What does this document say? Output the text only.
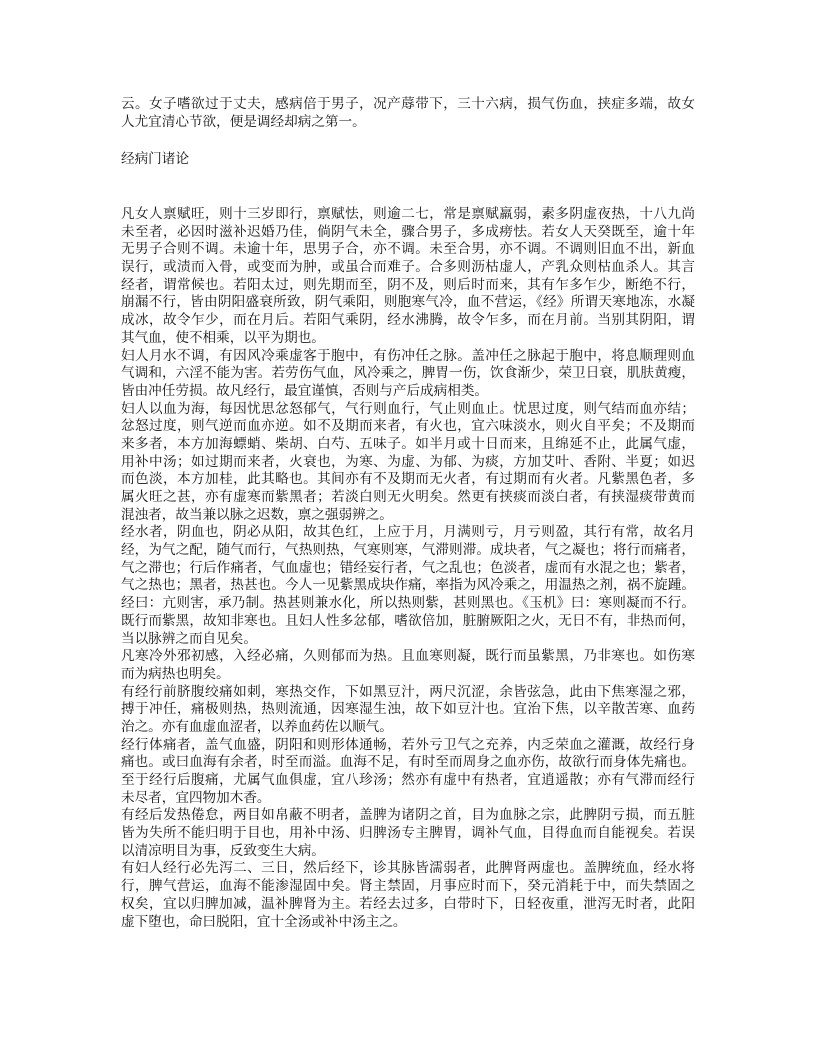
云。女子嗜欲过于丈夫，感病倍于男子，况产蓐带下，三十六病，损气伤血，挟症多端，故女
人尤宜清心节欲，便是调经却病之第一。
经病门诸论
凡女人禀赋旺，则十三岁即行，禀赋怯，则逾二七，常是禀赋羸弱，素多阴虚夜热，十八九尚
未至者，必因时滋补迟婚乃佳，倘阴气未全，骤合男子，多成痨怯。若女人天癸既至，逾十年
无男子合则不调。未逾十年，思男子合，亦不调。未至合男，亦不调。不调则旧血不出，新血
误行，或渍而入骨，或变而为肿，或虽合而难子。合多则沥枯虚人，产乳众则枯血杀人。其言
经者，谓常候也。若阳太过，则先期而至，阴不及，则后时而来，其有乍多乍少，断绝不行，
崩漏不行，皆由阴阳盛衰所致，阴气乘阳，则胞寒气冷，血不营运，《经》所谓天寒地冻，水凝
成冰，故令乍少，而在月后。若阳气乘阴，经水沸腾，故令乍多，而在月前。当别其阴阳，谓
其气血，使不相乘，以平为期也。
妇人月水不调，有因风冷乘虚客于胞中，有伤冲任之脉。盖冲任之脉起于胞中，将息顺理则血
气调和，六淫不能为害。若劳伤气血，风冷乘之，脾胃一伤，饮食渐少，荣卫日衰，肌肤黄瘦，
皆由冲任劳损。故凡经行，最宜谨慎，否则与产后成病相类。
妇人以血为海，每因忧思忿怒郁气，气行则血行，气止则血止。忧思过度，则气结而血亦结；
忿怒过度，则气逆而血亦逆。如不及期而来者，有火也，宜六味淡水，则火自平矣；不及期而
来多者，本方加海螵蛸、柴胡、白芍、五味子。如半月或十日而来，且绵延不止，此属气虚，
用补中汤；如过期而来者，火衰也，为寒、为虚、为郁、为痰，方加艾叶、香附、半夏；如迟
而色淡，本方加桂，此其略也。其间亦有不及期而无火者，有过期而有火者。凡紫黑色者，多
属火旺之甚，亦有虚寒而紫黑者；若淡白则无火明矣。然更有挟痰而淡白者，有挟湿痰带黄而
混浊者，故当兼以脉之迟数，禀之强弱辨之。
经水者，阴血也，阴必从阳，故其色红，上应于月，月满则亏，月亏则盈，其行有常，故名月
经，为气之配，随气而行，气热则热，气寒则寒，气滞则滞。成块者，气之凝也；将行而痛者，
气之滞也；行后作痛者，气血虚也；错经妄行者，气之乱也；色淡者，虚而有水混之也；紫者，
气之热也；黑者，热甚也。今人一见紫黑成块作痛，率指为风冷乘之，用温热之剂，祸不旋踵。
经曰：亢则害，承乃制。热甚则兼水化，所以热则紫，甚则黑也。《玉机》曰：寒则凝而不行。
既行而紫黑，故知非寒也。且妇人性多忿郁，嗜欲倍加，脏腑厥阳之火，无日不有，非热而何，
当以脉辨之而自见矣。
凡寒冷外邪初感，入经必痛，久则郁而为热。且血寒则凝，既行而虽紫黑，乃非寒也。如伤寒
而为病热也明矣。
有经行前脐腹绞痛如刺，寒热交作，下如黑豆汁，两尺沉涩，余皆弦急，此由下焦寒湿之邪，
搏于冲任，痛极则热，热则流通，因寒湿生浊，故下如豆汁也。宜治下焦，以辛散苦寒、血药
治之。亦有血虚血涩者，以养血药佐以顺气。
经行体痛者，盖气血盛，阴阳和则形体通畅，若外亏卫气之充养，内乏荣血之灌溉，故经行身
痛也。或曰血海有余者，时至而溢。血海不足，有时至而周身之血亦伤，故欲行而身体先痛也。
至于经行后腹痛，尤属气血俱虚，宜八珍汤；然亦有虚中有热者，宜逍遥散；亦有气滞而经行
未尽者，宜四物加木香。
有经后发热倦怠，两目如帛蔽不明者，盖脾为诸阴之首，目为血脉之宗，此脾阴亏损，而五脏
皆为失所不能归明于目也，用补中汤、归脾汤专主脾胃，调补气血，目得血而自能视矣。若误
以清凉明目为事，反致变生大病。
有妇人经行必先泻二、三日，然后经下，诊其脉皆濡弱者，此脾肾两虚也。盖脾统血，经水将
行，脾气营运，血海不能渗湿固中矣。肾主禁固，月事应时而下，癸元消耗于中，而失禁固之
权矣，宜以归脾加减，温补脾肾为主。若经去过多，白带时下，日轻夜重，泄泻无时者，此阳
虚下堕也，命曰脱阳，宜十全汤或补中汤主之。
